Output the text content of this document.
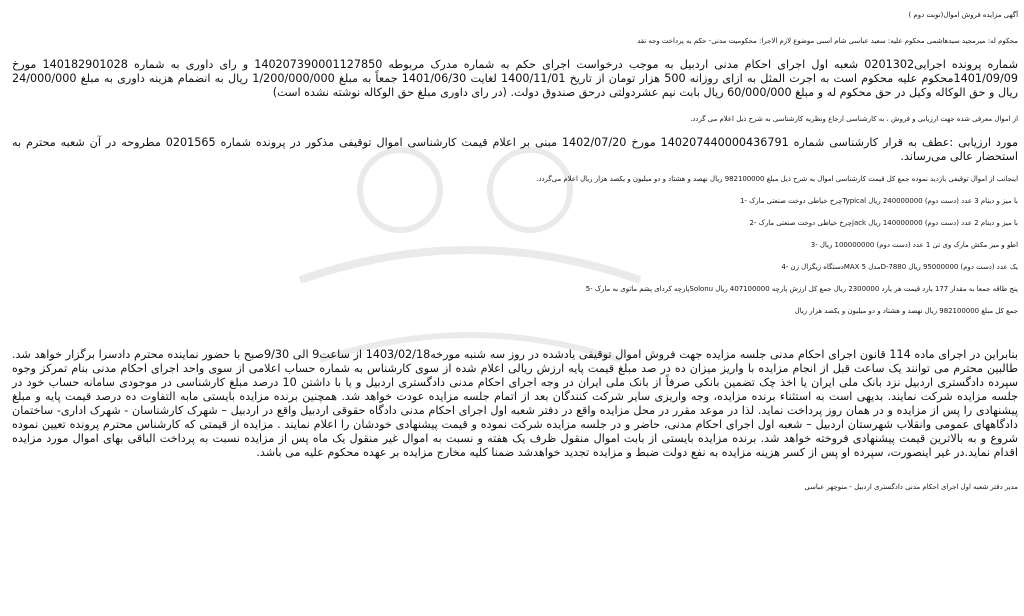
آگهی مزایده فروش اموال(نوبت دوم )
محکوم له: میرمجید سیدهاشمی محکوم علیه: سعید عباسی شام اسبی موضوع لازم الاجرا: محکومیت مدنی- حکم به پرداخت وجه نقد
شماره پرونده اجرایی0201302 شعبه اول اجرای احکام مدنی اردبیل به موجب درخواست اجرای حکم به شماره مدرک مربوطه 140207390001127850 و رای داوری به شماره 140182901028 مورخ 1401/09/09محکوم علیه محکوم است به اجرت المثل به ازای روزانه 500 هزار تومان از تاریخ 1400/11/01 لغایت 1401/06/30 جمعاً به مبلغ 1/200/000/000 ریال به انضمام هزینه داوری به مبلغ 24/000/000 ریال و حق الوکاله وکیل در حق محکوم له و مبلغ 60/000/000 ریال بابت نیم عشردولتی درحق صندوق دولت. (در رای داوری مبلغ حق الوکاله نوشته نشده است)
از اموال معرفی شده جهت ارزیابی و فروش ، به کارشناسی ارجاع ونظریه کارشناسی به شرح ذیل اعلام می گردد.
مورد ارزیابی :عطف به قرار کارشناسی شماره 140207440000436791 مورخ 1402/07/20 مبنی بر اعلام قیمت کارشناسی اموال توقیفی مذکور در پرونده شماره 0201565 مطروحه در آن شعبه محترم به استحضار عالی می‌رساند.
اینجانب از اموال توقیفی بازدید نموده جمع کل قیمت کارشناسی اموال به شرح ذیل مبلغ 982100000 ریال نهصد و هشتاد و دو میلیون و یکصد هزار ریال اعلام می‌گردد.
با میز و دینام 3 عدد (دست دوم) 240000000 ریال Typicalچرخ خیاطی دوخت صنعتی مارک -1
با میز و دینام 2 عدد (دست دوم) 140000000 ریال jackچرخ خیاطی دوخت صنعتی مارک -2
اطو و میز مکش مارک وی تی 1 عدد (دست دوم) 100000000 ریال -3
یک عدد (دست دوم) 95000000 ریال D-7880مدل MAX 5دستگاه زیگزال زن -4
پنج طاقه جمعا به مقدار 177 یارد قیمت هر یارد 2300000 ریال جمع کل ارزش پارچه 407100000 ریال Solonuپارچه کردای پشم ماتوی به مارک -5
جمع کل مبلغ 982100000 ریال نهصد و هشتاد و دو میلیون و یکصد هزار ریال
بنابراین در اجرای ماده 114 قانون اجرای احکام مدنی جلسه مزایده جهت فروش اموال توقیفی یادشده در روز سه شنبه مورخه1403/02/18 از ساعت9 الی 9/30صبح با حضور نماینده محترم دادسرا برگزار خواهد شد. طالبین محترم می توانند یک ساعت قبل از انجام مزایده با واریز میزان ده در صد مبلغ قیمت پایه ارزش ریالی اعلام شده از سوی کارشناس به شماره حساب اعلامی از سوی واحد اجرای احکام مدنی بنام تمرکز وجوه سپرده دادگستری اردبیل نزد بانک ملی ایران یا اخذ چک تضمین بانکی صرفاً از بانک ملی ایران در وجه اجرای احکام مدنی دادگستری اردبیل و یا با داشتن 10 درصد مبلغ کارشناسی در موجودی سامانه حساب خود در جلسه مزایده شرکت نمایند. بدیهی است به استثناء برنده مزایده، وجه واریزی سایر شرکت کنندگان بعد از اتمام جلسه مزایده عودت خواهد شد. همچنین برنده مزایده بایستی مابه التفاوت ده درصد قیمت پایه و مبلغ پیشنهادی را پس از مزایده و در همان روز پرداخت نماید. لذا در موعد مقرر در محل مزایده واقع در دفتر شعبه اول اجرای احکام مدنی دادگاه حقوقی اردبیل واقع در اردبیل – شهرک کارشناسان - شهرک اداری- ساختمان دادگاههای عمومی وانقلاب شهرستان اردبیل – شعبه اول اجرای احکام مدنی، حاضر و در جلسه مزایده شرکت نموده و قیمت پیشنهادی خودشان را اعلام نمایند . مزایده از قیمتی که کارشناس محترم پرونده تعیین نموده شروع و به بالاترین قیمت پیشنهادی فروخته خواهد شد. برنده مزایده بایستی از بابت اموال منقول ظرف یک هفته و نسبت به اموال غیر منقول یک ماه پس از مزایده نسبت به پرداخت الباقی بهای اموال مورد مزایده اقدام نماید.در غیر اینصورت، سپرده او پس از کسر هزینه مزایده به نفع دولت ضبط و مزایده تجدید خواهدشد ضمنا کلیه مخارج مزایده بر عهده محکوم علیه می باشد.
مدیر دفتر شعبه اول اجرای احکام مدنی دادگستری اردبیل - منوچهر عباسی
